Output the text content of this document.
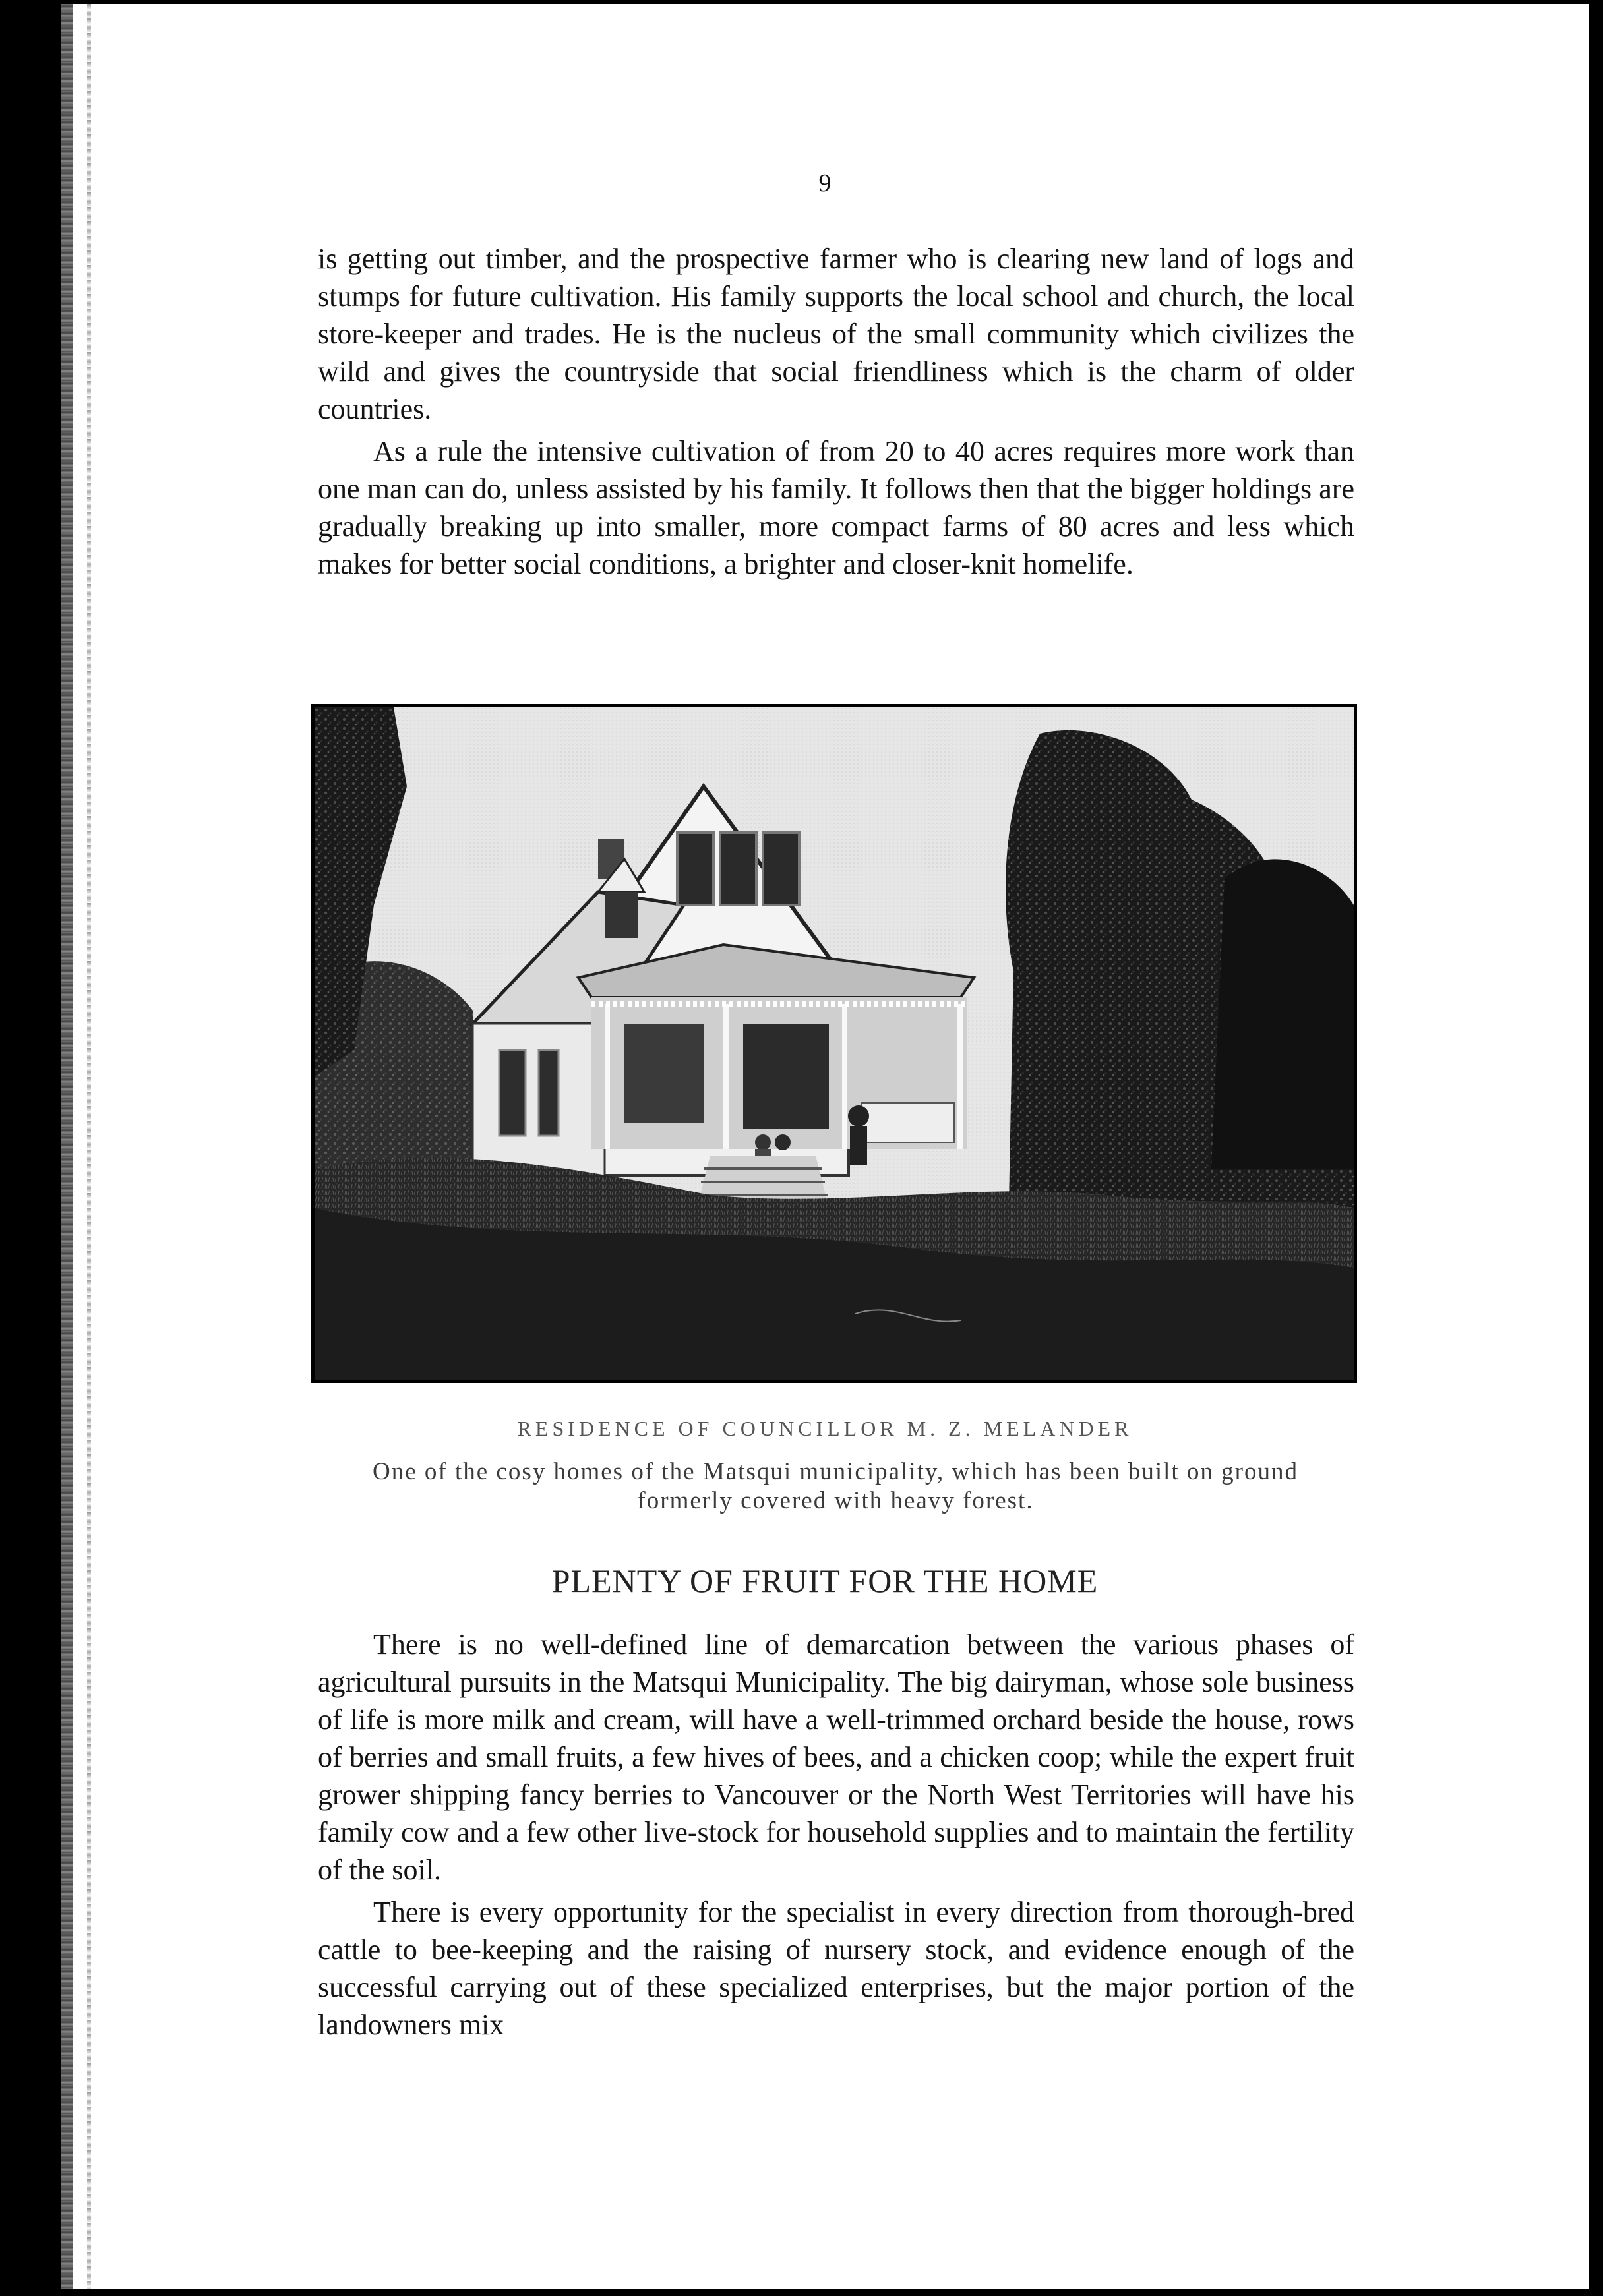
9

is getting out timber, and the prospective farmer who is clearing new land of logs and stumps for future cultivation. His family supports the local school and church, the local store-keeper and trades. He is the nucleus of the small community which civilizes the wild and gives the countryside that social friendliness which is the charm of older countries.

As a rule the intensive cultivation of from 20 to 40 acres requires more work than one man can do, unless assisted by his family. It follows then that the bigger holdings are gradually breaking up into smaller, more compact farms of 80 acres and less which makes for better social conditions, a brighter and closer-knit homelife.

RESIDENCE OF COUNCILLOR M. Z. MELANDER

One of the cosy homes of the Matsqui municipality, which has been built on ground formerly covered with heavy forest.

PLENTY OF FRUIT FOR THE HOME

There is no well-defined line of demarcation between the various phases of agricultural pursuits in the Matsqui Municipality. The big dairyman, whose sole business of life is more milk and cream, will have a well-trimmed orchard beside the house, rows of berries and small fruits, a few hives of bees, and a chicken coop; while the expert fruit grower shipping fancy berries to Vancouver or the North West Territories will have his family cow and a few other live-stock for household supplies and to maintain the fertility of the soil.

There is every opportunity for the specialist in every direction from thorough-bred cattle to bee-keeping and the raising of nursery stock, and evidence enough of the successful carrying out of these specialized enterprises, but the major portion of the landowners mix
